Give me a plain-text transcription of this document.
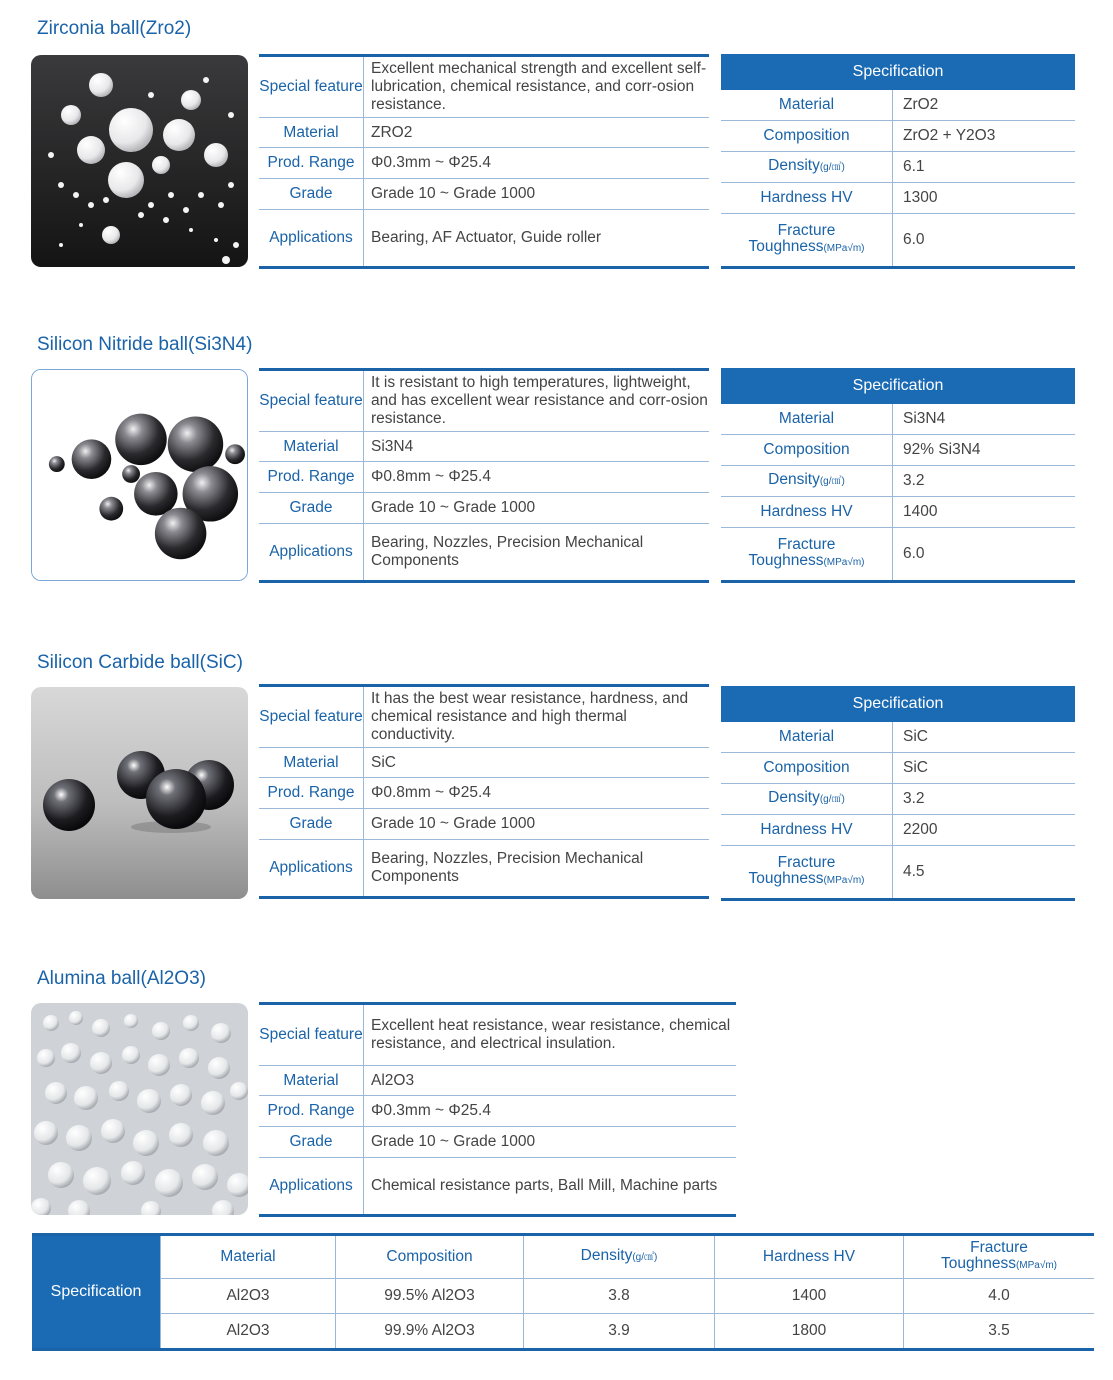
Zirconia ball(Zro2)
Special feature	Excellent mechanical strength and excellent self-lubrication, chemical resistance, and corr-osion resistance.
Material	ZRO2
Prod. Range	Φ0.3mm ~ Φ25.4
Grade	Grade 10 ~ Grade 1000
Applications	Bearing, AF Actuator, Guide roller
Specification	
Material	ZrO2
Composition	ZrO2 + Y2O3
Density(g/㎤)	6.1
Hardness HV	1300
Fracture
Toughness(MPa√m)	6.0
Silicon Nitride ball(Si3N4)
Special feature	It is resistant to high temperatures, lightweight, and has excellent wear resistance and corr-osion resistance.
Material	Si3N4
Prod. Range	Φ0.8mm ~ Φ25.4
Grade	Grade 10 ~ Grade 1000
Applications	Bearing, Nozzles, Precision Mechanical Components
Specification	
Material	Si3N4
Composition	92% Si3N4
Density(g/㎤)	3.2
Hardness HV	1400
Fracture
Toughness(MPa√m)	6.0
Silicon Carbide ball(SiC)
Special feature	It has the best wear resistance, hardness, and chemical resistance and high thermal conductivity.
Material	SiC
Prod. Range	Φ0.8mm ~ Φ25.4
Grade	Grade 10 ~ Grade 1000
Applications	Bearing, Nozzles, Precision Mechanical Components
Specification	
Material	SiC
Composition	SiC
Density(g/㎤)	3.2
Hardness HV	2200
Fracture
Toughness(MPa√m)	4.5
Alumina ball(Al2O3)
Special feature	Excellent heat resistance, wear resistance, chemical resistance, and electrical insulation.
Material	Al2O3
Prod. Range	Φ0.3mm ~ Φ25.4
Grade	Grade 10 ~ Grade 1000
Applications	Chemical resistance parts, Ball Mill, Machine parts
Specification	Material	Composition	Density(g/㎤)	Hardness HV	Fracture
Toughness(MPa√m)
	Al2O3	99.5% Al2O3	3.8	1400	4.0
	Al2O3	99.9% Al2O3	3.9	1800	3.5
